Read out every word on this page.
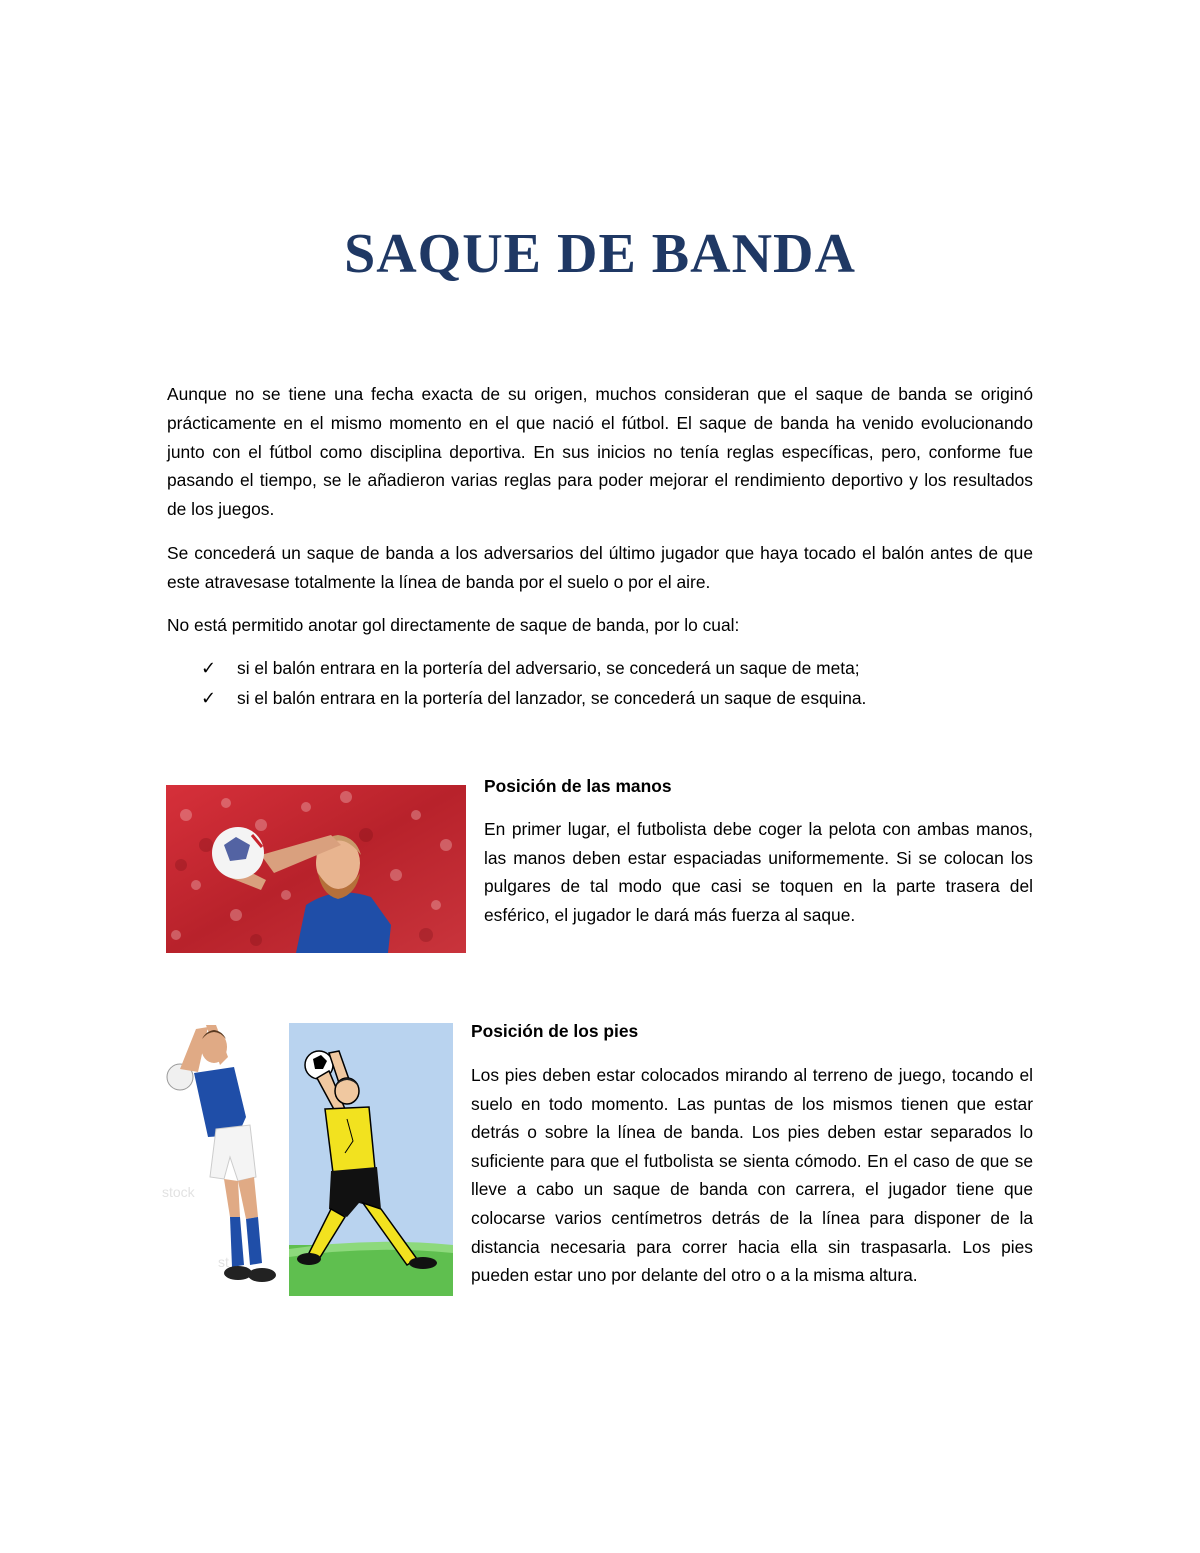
SAQUE DE BANDA

Aunque no se tiene una fecha exacta de su origen, muchos consideran que el saque de banda se originó prácticamente en el mismo momento en el que nació el fútbol. El saque de banda ha venido evolucionando junto con el fútbol como disciplina deportiva. En sus inicios no tenía reglas específicas, pero, conforme fue pasando el tiempo, se le añadieron varias reglas para poder mejorar el rendimiento deportivo y los resultados de los juegos.

Se concederá un saque de banda a los adversarios del último jugador que haya tocado el balón antes de que este atravesase totalmente la línea de banda por el suelo o por el aire.

No está permitido anotar gol directamente de saque de banda, por lo cual:

✓ si el balón entrara en la portería del adversario, se concederá un saque de meta;
✓ si el balón entrara en la portería del lanzador, se concederá un saque de esquina.
stock
st

Posición de las manos

En primer lugar, el futbolista debe coger la pelota con ambas manos, las manos deben estar espaciadas uniformemente. Si se colocan los pulgares de tal modo que casi se toquen en la parte trasera del esférico, el jugador le dará más fuerza al saque.

Posición de los pies

Los pies deben estar colocados mirando al terreno de juego, tocando el suelo en todo momento. Las puntas de los mismos tienen que estar detrás o sobre la línea de banda. Los pies deben estar separados lo suficiente para que el futbolista se sienta cómodo. En el caso de que se lleve a cabo un saque de banda con carrera, el jugador tiene que colocarse varios centímetros detrás de la línea para disponer de la distancia necesaria para correr hacia ella sin traspasarla. Los pies pueden estar uno por delante del otro o a la misma altura.
